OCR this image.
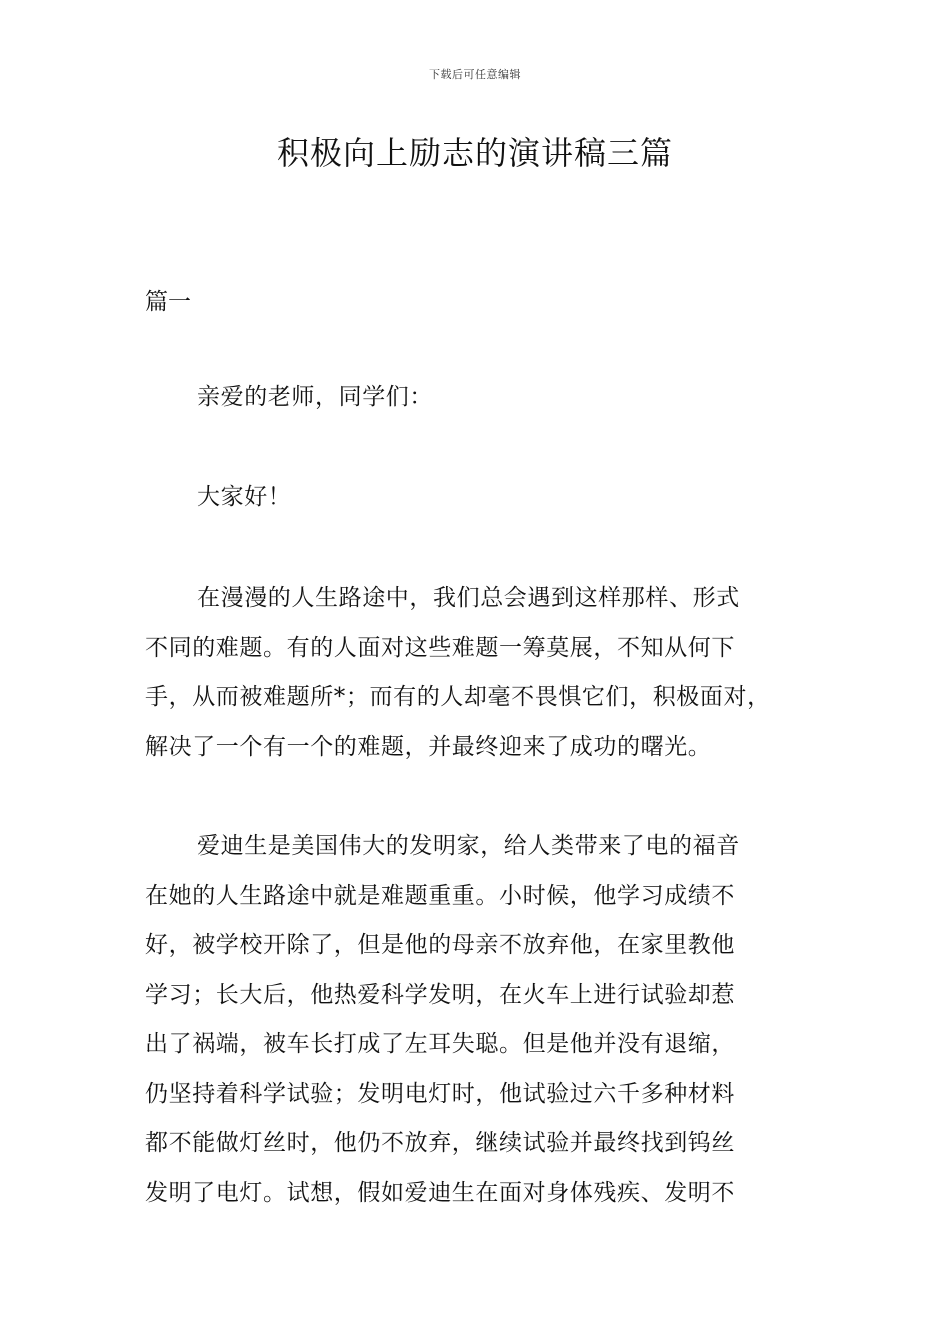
下载后可任意编辑
积极向上励志的演讲稿三篇
篇一
亲爱的老师，同学们：
大家好！
在漫漫的人生路途中，我们总会遇到这样那样、形式
不同的难题。有的人面对这些难题一筹莫展，不知从何下
手，从而被难题所*；而有的人却毫不畏惧它们，积极面对，
解决了一个有一个的难题，并最终迎来了成功的曙光。
爱迪生是美国伟大的发明家，给人类带来了电的福音
在她的人生路途中就是难题重重。小时候，他学习成绩不
好，被学校开除了，但是他的母亲不放弃他，在家里教他
学习；长大后，他热爱科学发明，在火车上进行试验却惹
出了祸端，被车长打成了左耳失聪。但是他并没有退缩，
仍坚持着科学试验；发明电灯时，他试验过六千多种材料
都不能做灯丝时，他仍不放弃，继续试验并最终找到钨丝
发明了电灯。试想，假如爱迪生在面对身体残疾、发明不
